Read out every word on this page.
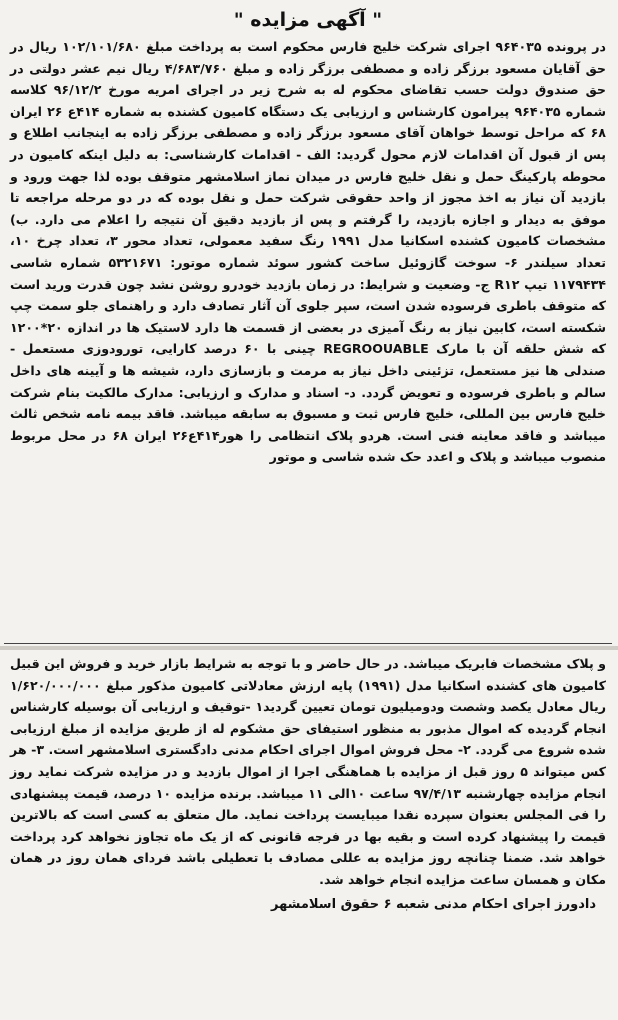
" آگهی مزایده "

در پرونده ۹۶۴۰۳۵ اجرای شرکت خلیج فارس محکوم است به پرداخت مبلغ ۱۰۲/۱۰۱/۶۸۰ ریال در حق آقایان مسعود برزگر زاده و مصطفی برزگر زاده و مبلغ ۴/۶۸۳/۷۶۰ ریال نیم عشر دولتی در حق صندوق دولت حسب تقاضای محکوم له به شرح زیر در اجرای امریه مورخ ۹۶/۱۲/۲ کلاسه شماره ۹۶۴۰۳۵ پیرامون کارشناس و ارزیابی یک دستگاه کامیون کشنده به شماره ۴۱۴ع ۲۶ ایران ۶۸ که مراحل توسط خواهان آقای مسعود برزگر زاده و مصطفی برزگر زاده به اینجانب اطلاع و پس از قبول آن اقدامات لازم محول گردید: الف - اقدامات کارشناسی: به دلیل اینکه کامیون در محوطه پارکینگ حمل و نقل خلیج فارس در میدان نماز اسلامشهر متوقف بوده لذا جهت ورود و بازدید آن نیاز به اخذ مجوز از واحد حقوقی شرکت حمل و نقل بوده که در دو مرحله مراجعه تا موفق به دیدار و اجازه بازدید، را گرفتم و پس از بازدید دقیق آن نتیجه را اعلام می دارد. ب) مشخصات کامیون کشنده اسکانیا مدل ۱۹۹۱ رنگ سفید معمولی، تعداد محور ۳، تعداد چرخ ۱۰، تعداد سیلندر ۶- سوخت گازوئیل ساخت کشور سوئد شماره موتور: ۵۳۲۱۶۷۱ شماره شاسی ۱۱۷۹۴۳۴ تیپ R۱۲ ج- وضعیت و شرایط: در زمان بازدید خودرو روشن نشد چون قدرت ورید است که متوقف باطری فرسوده شدن است، سپر جلوی آن آثار تصادف دارد و راهنمای جلو سمت چپ شکسته است، کابین نیاز به رنگ آمیزی در بعضی از قسمت ها دارد لاستیک ها در اندازه ۲۰*۱۲۰۰ که شش حلقه آن با مارک REGROOUABLE چینی با ۶۰ درصد کارایی، تورودوزی مستعمل - صندلی ها نیز مستعمل، تزئینی داخل نیاز به مرمت و بازسازی دارد، شیشه ها و آیینه های داخل سالم و باطری فرسوده و تعویض گردد. د- اسناد و مدارک و ارزیابی: مدارک مالکیت بنام شرکت خلیج فارس بین المللی، خلیج فارس ثبت و مسبوق به سابقه میباشد. فاقد بیمه نامه شخص ثالث میباشد و فاقد معاینه فنی است. هردو پلاک انتظامی را هور۴۱۴ع۲۶ ایران ۶۸ در محل مربوط منصوب میباشد و پلاک و اعدد حک شده شاسی و موتور

و پلاک مشخصات فابریک میباشد. در حال حاضر و با توجه به شرایط بازار خرید و فروش این قبیل کامیون های کشنده اسکانیا مدل (۱۹۹۱) پایه ارزش معادلاتی کامیون مذکور مبلغ ۱/۶۲۰/۰۰۰/۰۰۰ ریال معادل یکصد وشصت ودومیلیون تومان تعیین گردید۱ -توقیف و ارزیابی آن بوسیله کارشناس انجام گردیده که اموال مذبور به منظور استیفای حق مشکوم له از طریق مزایده از مبلغ ارزیابی شده شروع می گردد. ۲- محل فروش اموال اجرای احکام مدنی دادگستری اسلامشهر است. ۳- هر کس میتواند ۵ روز قبل از مزایده با هماهنگی اجرا از اموال بازدید و در مزایده شرکت نماید روز انجام مزایده چهارشنبه ۹۷/۴/۱۳ ساعت ۱۰الی ۱۱ میباشد. برنده مزایده ۱۰ درصد، قیمت پیشنهادی را فی المجلس بعنوان سپرده نقدا میبایست پرداخت نماید. مال متعلق به کسی است که بالاترین قیمت را پیشنهاد کرده است و بقیه بها در فرجه قانونی که از یک ماه تجاوز نخواهد کرد پرداخت خواهد شد. ضمنا چنانچه روز مزایده به عللی مصادف با تعطیلی باشد فردای همان روز در همان مکان و همسان ساعت مزایده انجام خواهد شد.

دادورز اجرای احکام مدنی شعبه ۶ حقوق اسلامشهر
